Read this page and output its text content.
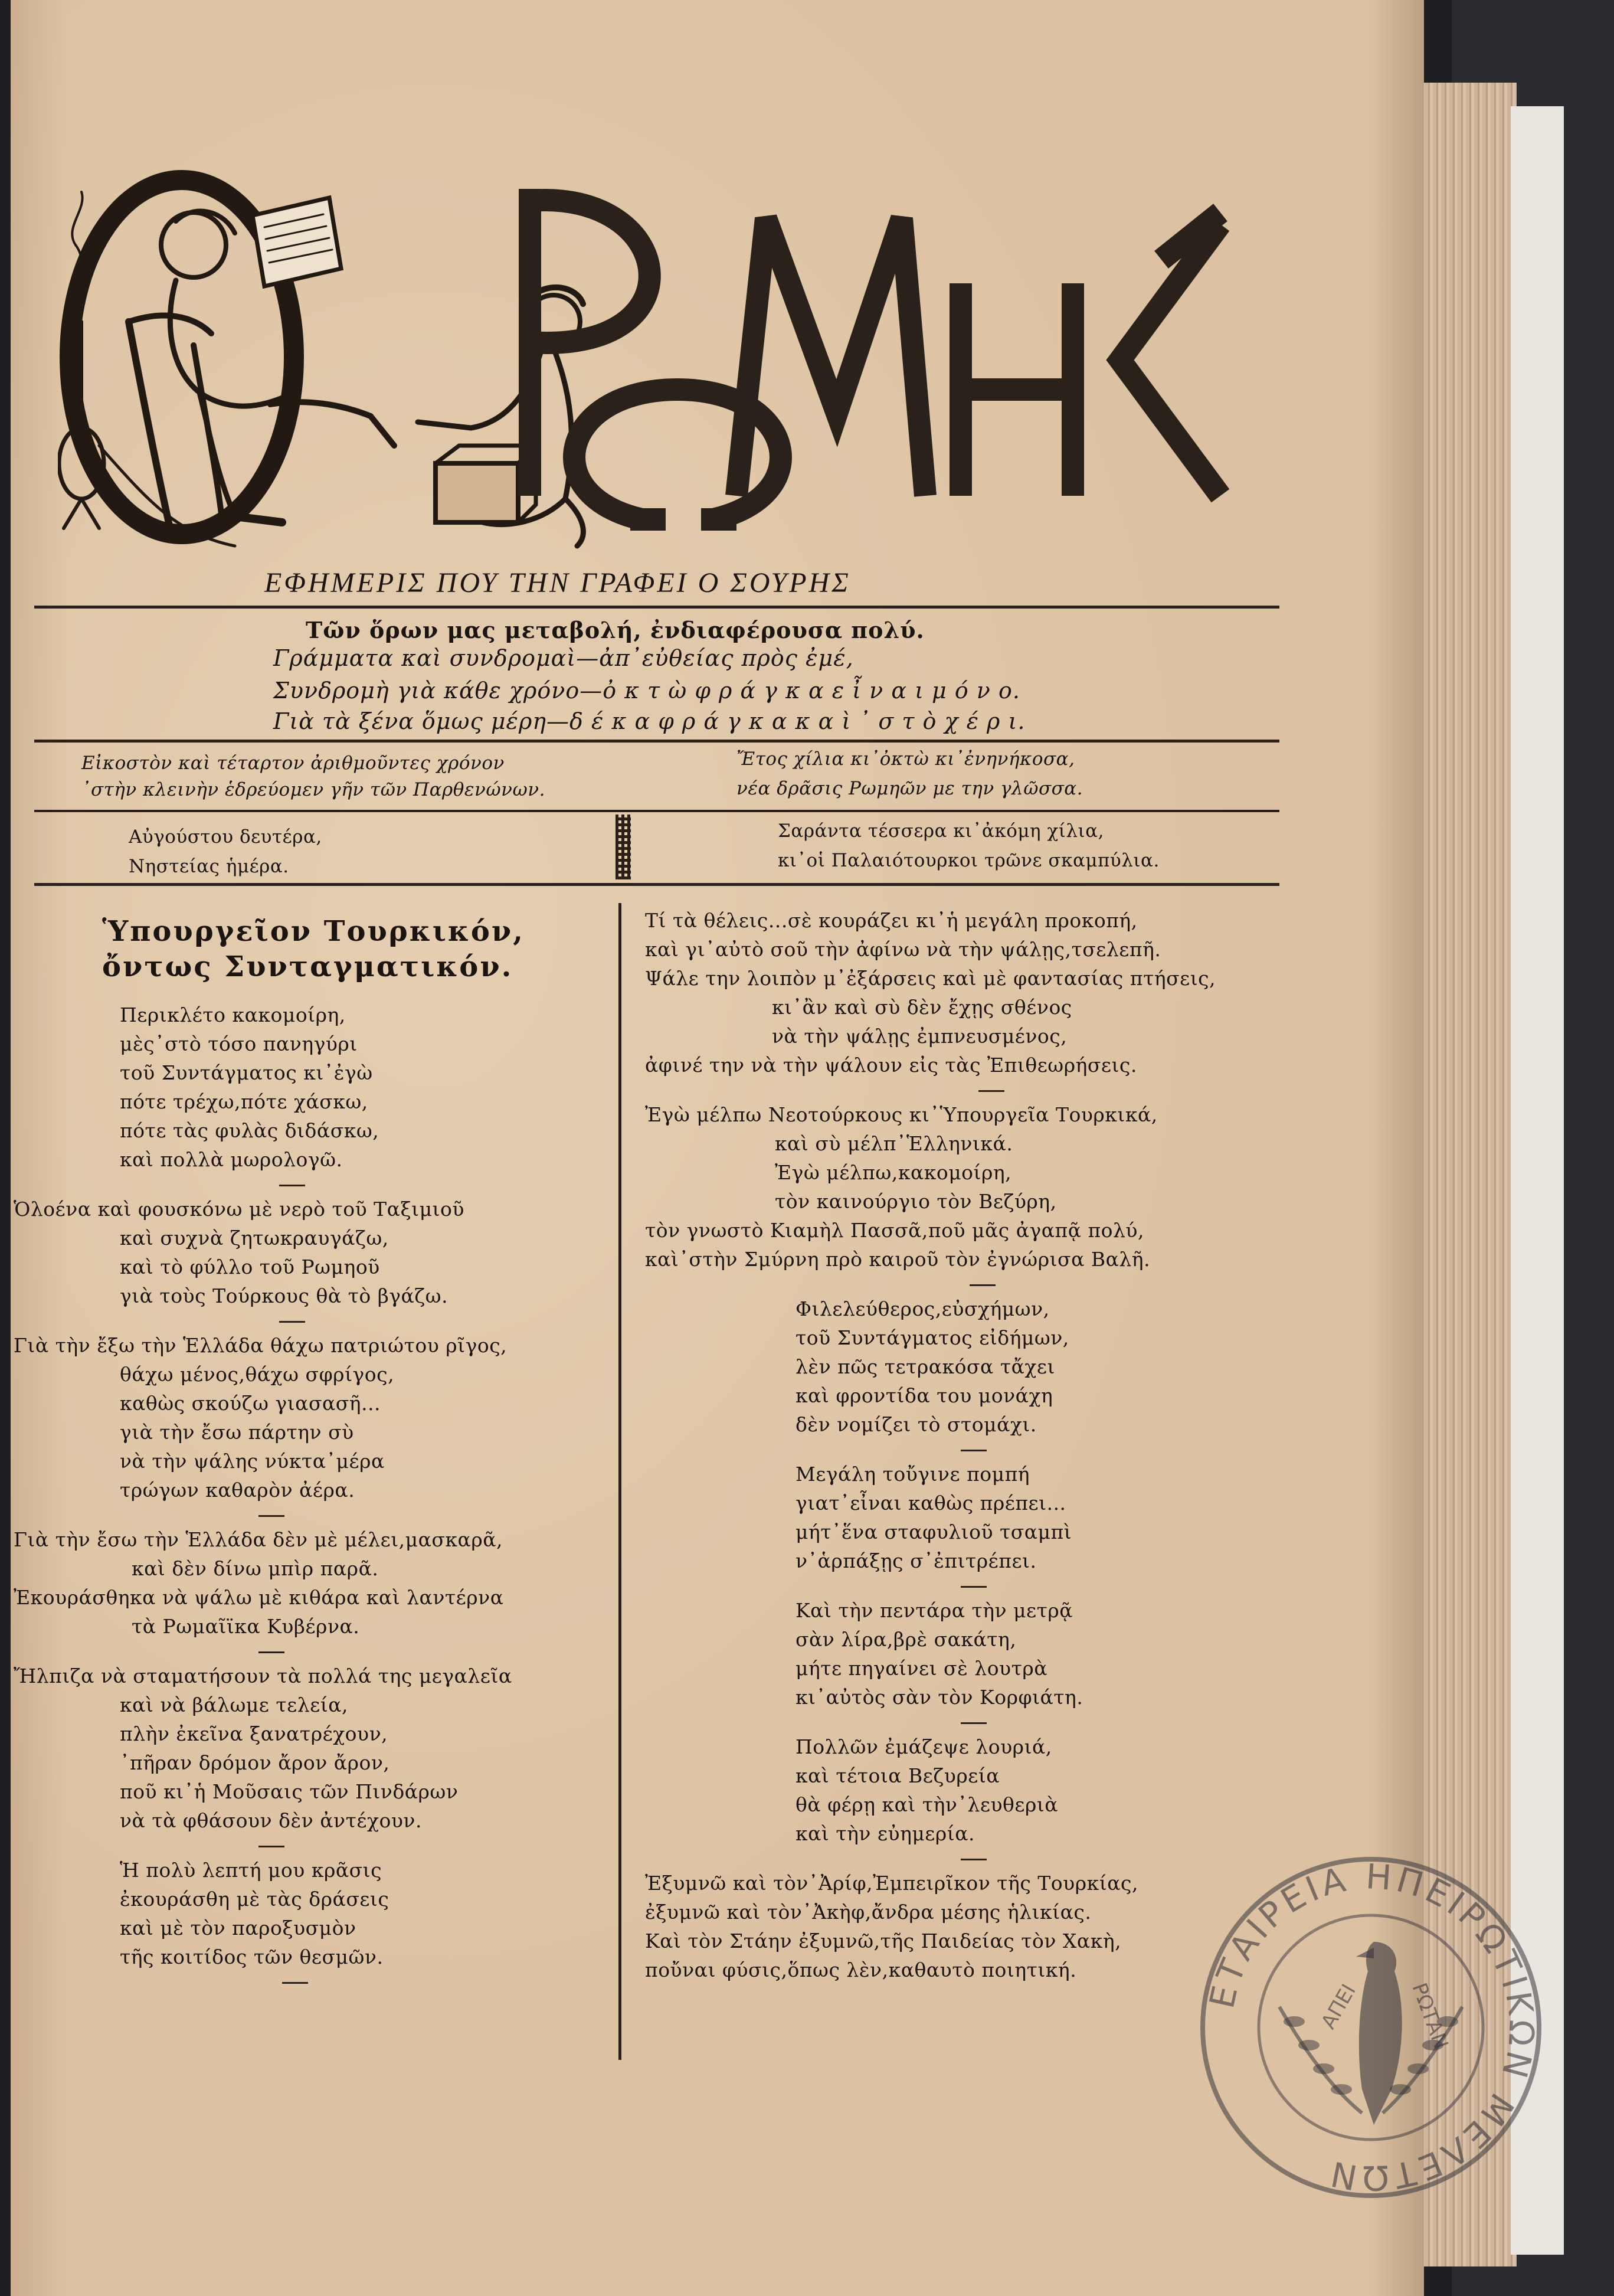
ΕΦΗΜΕΡΙΣ ΠΟΥ ΤΗΝ ΓΡΑΦΕΙ Ο ΣΟΥΡΗΣ
Τῶν ὅρων μας μεταβολή, ἐνδιαφέρουσα πολύ.
Γράμματα καὶ συνδρομαὶ—ἀπ᾿εὐθείας πρὸς ἐμέ,
Συνδρομὴ γιὰ κάθε χρόνο—ὀ κ τ ὼ φ ρ ά γ κ α ε ἶ ν α ι μ ό ν ο.
Γιὰ τὰ ξένα ὅμως μέρη—δ έ κ α φ ρ ά γ κ α κ α ὶ ᾿ σ τ ὸ χ έ ρ ι.
Εἰκοστὸν καὶ τέταρτον ἀριθμοῦντες χρόνον
᾿στὴν κλεινὴν ἑδρεύομεν γῆν τῶν Παρθενώνων.
Ἔτος χίλια κι᾿ὀκτὼ κι᾿ἐνηνήκοσα,
νέα δρᾶσις Ρωμηῶν με την γλῶσσα.
Αὐγούστου δευτέρα,
Νηστείας ἡμέρα.
Σαράντα τέσσερα κι᾿ἀκόμη χίλια,
κι᾿οἱ Παλαιότουρκοι τρῶνε σκαμπύλια.
Ὑπουργεῖον Τουρκικόν,
ὄντως Συνταγματικόν.
Περικλέτο κακομοίρη,
μὲς᾿στὸ τόσο πανηγύρι
τοῦ Συντάγματος κι᾿ἐγὼ
πότε τρέχω,πότε χάσκω,
πότε τὰς φυλὰς διδάσκω,
καὶ πολλὰ μωρολογῶ.
Ὁλοένα καὶ φουσκόνω μὲ νερὸ τοῦ Ταξιμιοῦ
καὶ συχνὰ ζητωκραυγάζω,
καὶ τὸ φύλλο τοῦ Ρωμηοῦ
γιὰ τοὺς Τούρκους θὰ τὸ βγάζω.
Γιὰ τὴν ἔξω τὴν Ἑλλάδα θάχω πατριώτου ρῖγος,
θάχω μένος,θάχω σφρίγος,
καθὼς σκούζω γιασασῆ...
γιὰ τὴν ἔσω πάρτην σὺ
νὰ τὴν ψάλης νύκτα᾿μέρα
τρώγων καθαρὸν ἀέρα.
Γιὰ τὴν ἔσω τὴν Ἑλλάδα δὲν μὲ μέλει,μασκαρᾶ,
καὶ δὲν δίνω μπὶρ παρᾶ.
Ἐκουράσθηκα νὰ ψάλω μὲ κιθάρα καὶ λαντέρνα
τὰ Ρωμαῖϊκα Κυβέρνα.
Ἤλπιζα νὰ σταματήσουν τὰ πολλά της μεγαλεῖα
καὶ νὰ βάλωμε τελεία,
πλὴν ἐκεῖνα ξανατρέχουν,
᾿πῆραν δρόμον ἄρον ἄρον,
ποῦ κι᾿ἡ Μοῦσαις τῶν Πινδάρων
νὰ τὰ φθάσουν δὲν ἀντέχουν.
Ἡ πολὺ λεπτή μου κρᾶσις
ἐκουράσθη μὲ τὰς δράσεις
καὶ μὲ τὸν παροξυσμὸν
τῆς κοιτίδος τῶν θεσμῶν.
Τί τὰ θέλεις...σὲ κουράζει κι᾿ἡ μεγάλη προκοπή,
καὶ γι᾿αὐτὸ σοῦ τὴν ἀφίνω νὰ τὴν ψάλῃς,τσελεπῆ.
Ψάλε την λοιπὸν μ᾿ἐξάρσεις καὶ μὲ φαντασίας πτήσεις,
κι᾿ἂν καὶ σὺ δὲν ἔχῃς σθένος
νὰ τὴν ψάλῃς ἐμπνευσμένος,
ἀφινέ την νὰ τὴν ψάλουν εἰς τὰς Ἐπιθεωρήσεις.
Ἐγὼ μέλπω Νεοτούρκους κι᾿Ὑπουργεῖα Τουρκικά,
καὶ σὺ μέλπ᾿Ἑλληνικά.
Ἐγὼ μέλπω,κακομοίρη,
τὸν καινούργιο τὸν Βεζύρη,
τὸν γνωστὸ Κιαμὴλ Πασσᾶ,ποῦ μᾶς ἀγαπᾷ πολύ,
καὶ᾿στὴν Σμύρνη πρὸ καιροῦ τὸν ἐγνώρισα Βαλῆ.
Φιλελεύθερος,εὐσχήμων,
τοῦ Συντάγματος εἰδήμων,
λὲν πῶς τετρακόσα τἄχει
καὶ φροντίδα του μονάχη
δὲν νομίζει τὸ στομάχι.
Μεγάλη τοὔγινε πομπή
γιατ᾿εἶναι καθὼς πρέπει...
μήτ᾿ἕνα σταφυλιοῦ τσαμπὶ
ν᾿ἁρπάξῃς σ᾿ἐπιτρέπει.
Καὶ τὴν πεντάρα τὴν μετρᾷ
σὰν λίρα,βρὲ σακάτη,
μήτε πηγαίνει σὲ λουτρὰ
κι᾿αὐτὸς σὰν τὸν Κορφιάτη.
Πολλῶν ἐμάζεψε λουριά,
καὶ τέτοια Βεζυρεία
θὰ φέρῃ καὶ τὴν᾿λευθεριὰ
καὶ τὴν εὐημερία.
Ἐξυμνῶ καὶ τὸν᾿Ἀρίφ,Ἐμπειρῖκον τῆς Τουρκίας,
ἐξυμνῶ καὶ τὸν᾿Ἀκὴφ,ἄνδρα μέσης ἡλικίας.
Καὶ τὸν Στάην ἐξυμνῶ,τῆς Παιδείας τὸν Χακὴ,
ποὔναι φύσις,ὅπως λὲν,καθαυτὸ ποιητική.
ΕΤΑΙΡΕΙΑ ΗΠΕΙΡΩΤΙΚΩΝ ΜΕΛΕΤΩΝ
ΑΠΕΙ ΡΩΤΑΝ
